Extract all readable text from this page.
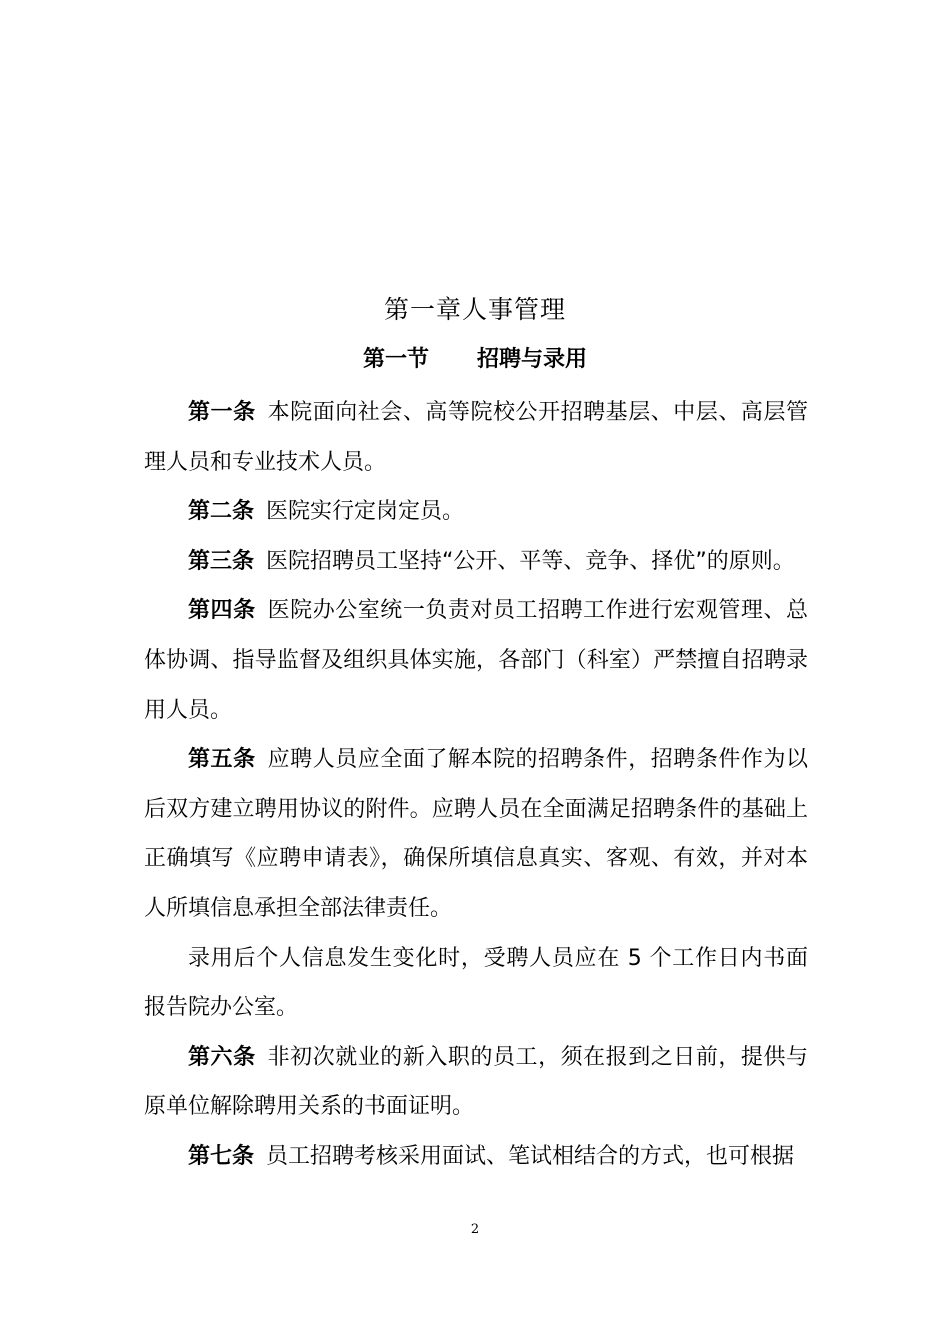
第一章人事管理
第一节 招聘与录用

第一条 本院面向社会、高等院校公开招聘基层、中层、高层管理人员和专业技术人员。

第二条 医院实行定岗定员。

第三条 医院招聘员工坚持“公开、平等、竞争、择优”的原则。

第四条 医院办公室统一负责对员工招聘工作进行宏观管理、总体协调、指导监督及组织具体实施，各部门（科室）严禁擅自招聘录用人员。

第五条 应聘人员应全面了解本院的招聘条件，招聘条件作为以后双方建立聘用协议的附件。应聘人员在全面满足招聘条件的基础上正确填写《应聘申请表》，确保所填信息真实、客观、有效，并对本人所填信息承担全部法律责任。

录用后个人信息发生变化时，受聘人员应在 5 个工作日内书面报告院办公室。

第六条 非初次就业的新入职的员工，须在报到之日前，提供与原单位解除聘用关系的书面证明。

第七条 员工招聘考核采用面试、笔试相结合的方式，也可根据

2
